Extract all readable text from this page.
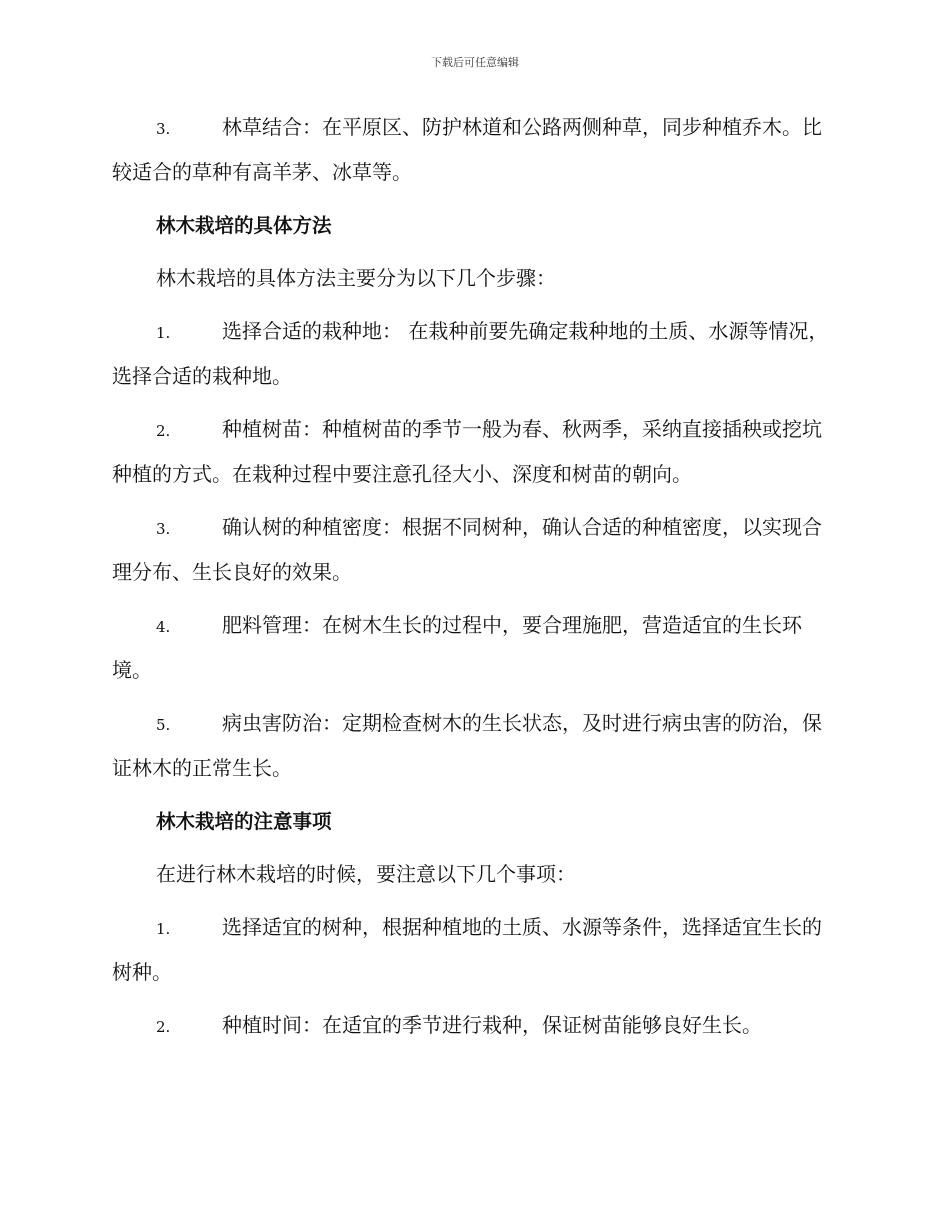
下载后可任意编辑
3.	林草结合：在平原区、防护林道和公路两侧种草，同步种植乔木。比较适合的草种有高羊茅、冰草等。
林木栽培的具体方法
林木栽培的具体方法主要分为以下几个步骤：
1.	选择合适的栽种地： 在栽种前要先确定栽种地的土质、水源等情况，选择合适的栽种地。
2.	种植树苗：种植树苗的季节一般为春、秋两季，采纳直接插秧或挖坑种植的方式。在栽种过程中要注意孔径大小、深度和树苗的朝向。
3.	确认树的种植密度：根据不同树种，确认合适的种植密度，以实现合理分布、生长良好的效果。
4.	肥料管理：在树木生长的过程中，要合理施肥，营造适宜的生长环境。
5.	病虫害防治：定期检查树木的生长状态，及时进行病虫害的防治，保证林木的正常生长。
林木栽培的注意事项
在进行林木栽培的时候，要注意以下几个事项：
1.	选择适宜的树种，根据种植地的土质、水源等条件，选择适宜生长的树种。
2.	种植时间：在适宜的季节进行栽种，保证树苗能够良好生长。
